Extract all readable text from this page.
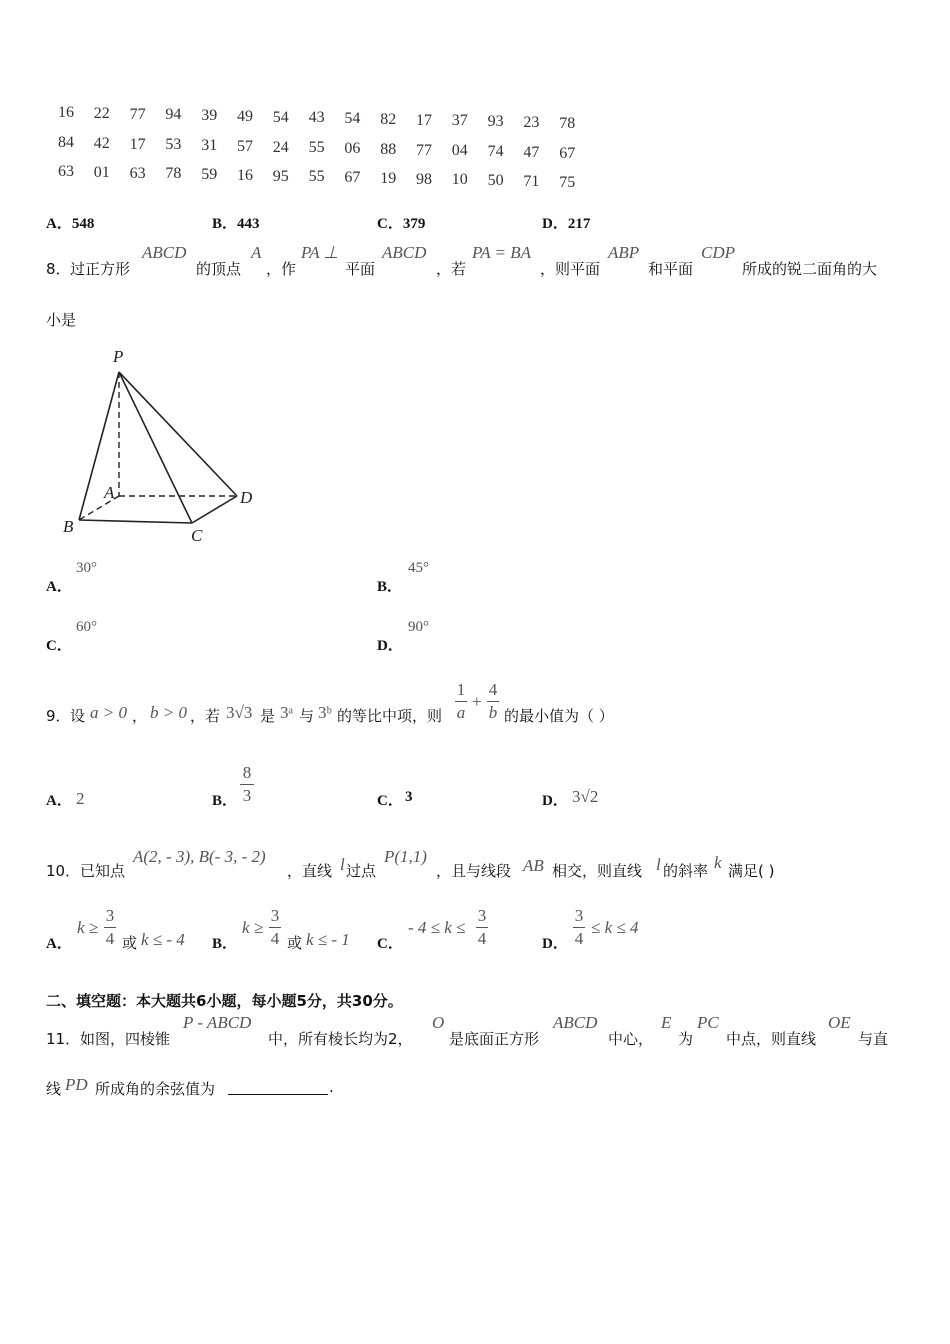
16	22	77	94	39	49	54	43	54	82	17	37	93	23	78
84	42	17	53	31	57	24	55	06	88	77	04	74	47	67
63	01	63	78	59	16	95	55	67	19	98	10	50	71	75
A．548	B．443	C．379	D．217
8． 过正方形
ABCD
的顶点
A
，作
PA ⊥
平面
ABCD
，若
PA = BA
，则平面
ABP
和平面
CDP
所成的锐二面角的大
小是
P
A
B	C
D
A．
30°
B．
45°
C．
60°
D．
90°
9． 设 a > 0 ， b > 0 ，若 3√3 是 3ᵃ 与 3ᵇ 的等比中项，则
1
a
+
4
b 的最小值为（ ）
A． 2	B．
8
3	C． 3	D． 3√2
10． 已知点
A(2, - 3), B(- 3, - 2)
，直线 l 过点
P(1,1)
，且与线段 AB 相交，则直线 l 的斜率 k 满足( )
A．
k ≥
3
4 或 k ≤ - 4 B．
k ≥
3
4 或 k ≤ - 1 C．
- 4 ≤ k ≤
3
4	D．
3
4
≤ k ≤ 4
二、填空题：本大题共6小题，每小题5分，共30分。
11． 如图，四棱锥
P - ABCD
中，所有棱长均为2，
O
是底面正方形
ABCD
中心，
E
为
PC
中点，则直线
OE
与直
线 PD 所成角的余弦值为	.
